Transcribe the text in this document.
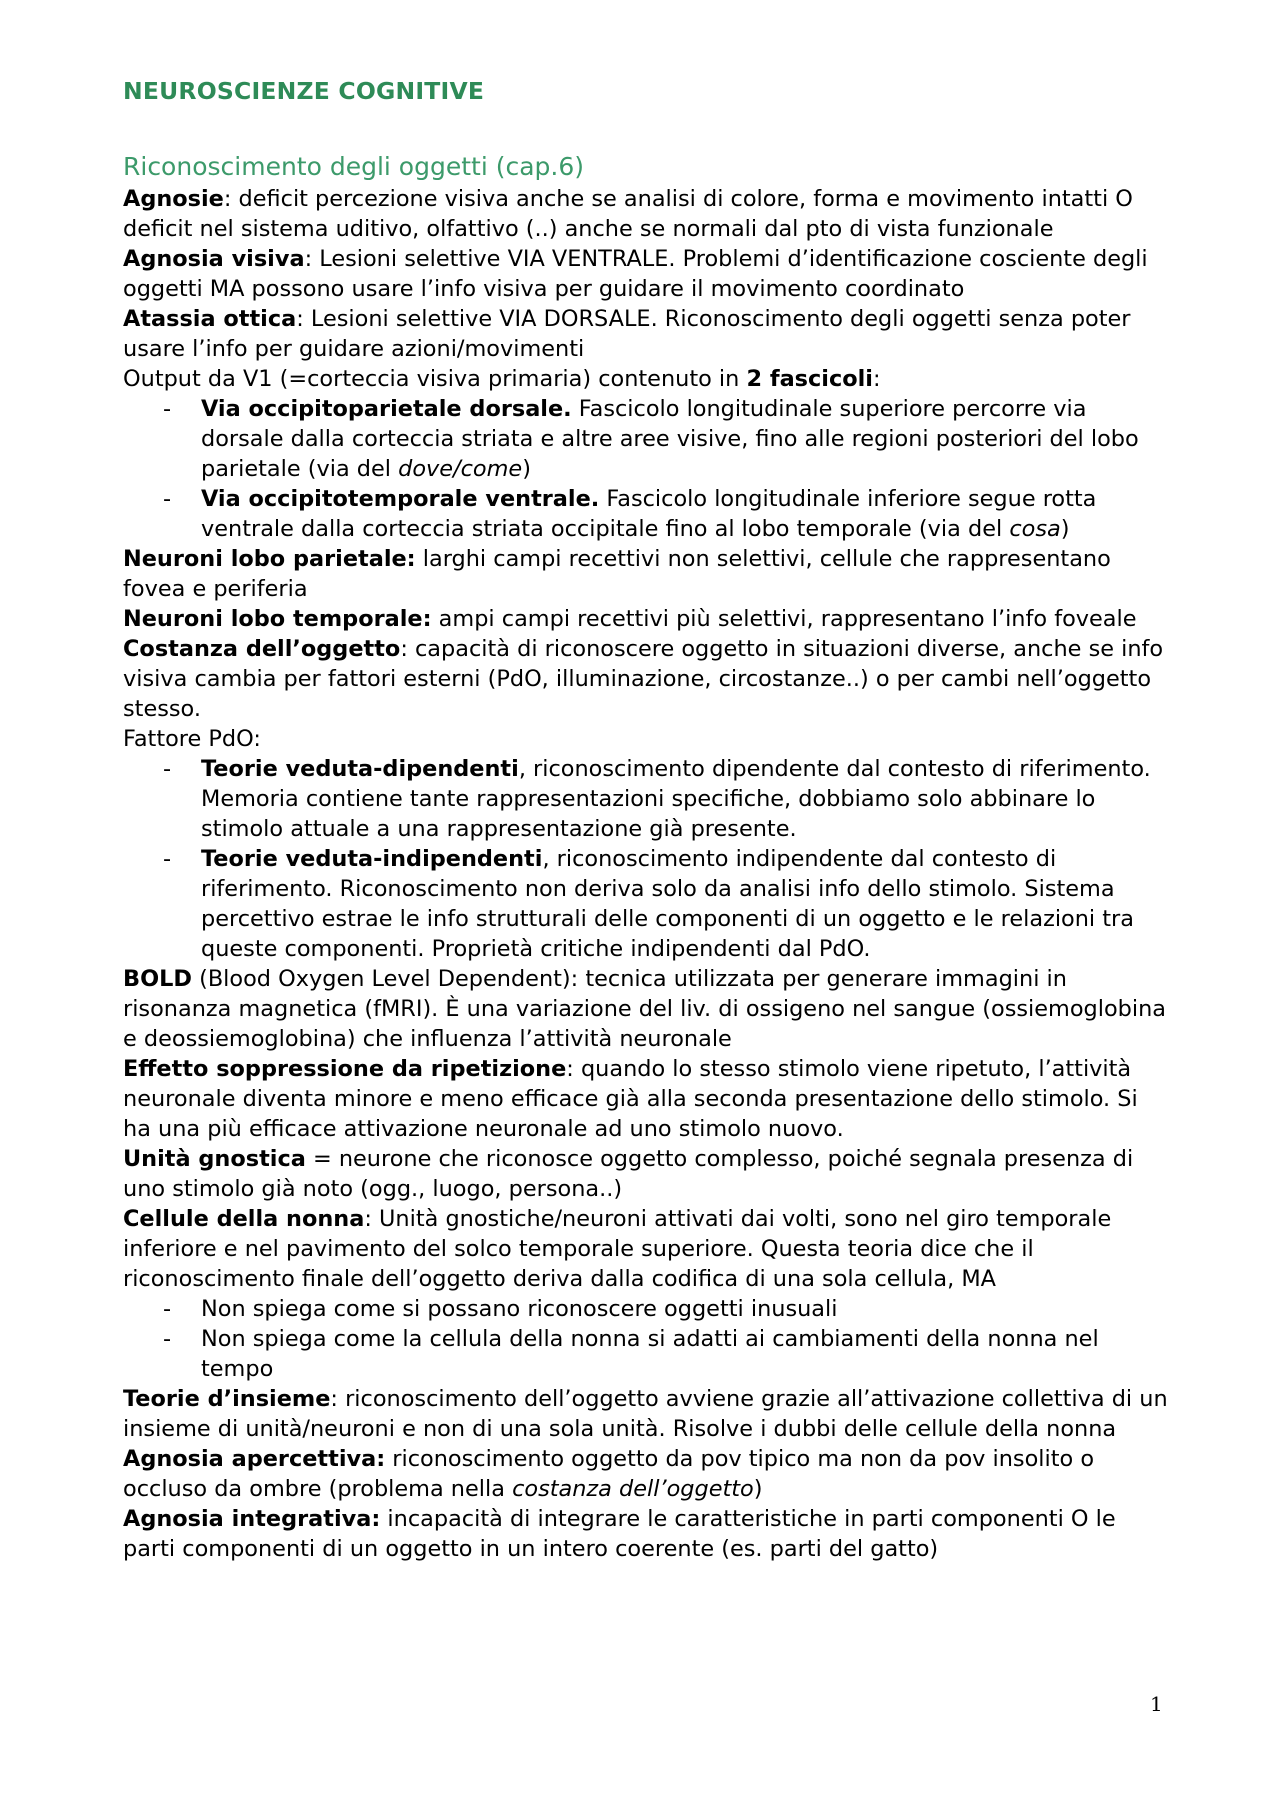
NEUROSCIENZE COGNITIVE
Riconoscimento degli oggetti (cap.6)
Agnosie: deficit percezione visiva anche se analisi di colore, forma e movimento intatti O deficit nel sistema uditivo, olfattivo (..) anche se normali dal pto di vista funzionale
Agnosia visiva: Lesioni selettive VIA VENTRALE. Problemi d’identificazione cosciente degli oggetti MA possono usare l’info visiva per guidare il movimento coordinato
Atassia ottica: Lesioni selettive VIA DORSALE. Riconoscimento degli oggetti senza poter usare l’info per guidare azioni/movimenti
Output da V1 (=corteccia visiva primaria) contenuto in 2 fascicoli:
- Via occipitoparietale dorsale. Fascicolo longitudinale superiore percorre via dorsale dalla corteccia striata e altre aree visive, fino alle regioni posteriori del lobo parietale (via del dove/come)
- Via occipitotemporale ventrale. Fascicolo longitudinale inferiore segue rotta ventrale dalla corteccia striata occipitale fino al lobo temporale (via del cosa)
Neuroni lobo parietale: larghi campi recettivi non selettivi, cellule che rappresentano fovea e periferia
Neuroni lobo temporale: ampi campi recettivi più selettivi, rappresentano l’info foveale
Costanza dell’oggetto: capacità di riconoscere oggetto in situazioni diverse, anche se info visiva cambia per fattori esterni (PdO, illuminazione, circostanze..) o per cambi nell’oggetto stesso.
Fattore PdO:
- Teorie veduta-dipendenti, riconoscimento dipendente dal contesto di riferimento. Memoria contiene tante rappresentazioni specifiche, dobbiamo solo abbinare lo stimolo attuale a una rappresentazione già presente.
- Teorie veduta-indipendenti, riconoscimento indipendente dal contesto di riferimento. Riconoscimento non deriva solo da analisi info dello stimolo. Sistema percettivo estrae le info strutturali delle componenti di un oggetto e le relazioni tra queste componenti. Proprietà critiche indipendenti dal PdO.
BOLD (Blood Oxygen Level Dependent): tecnica utilizzata per generare immagini in risonanza magnetica (fMRI). È una variazione del liv. di ossigeno nel sangue (ossiemoglobina e deossiemoglobina) che influenza l’attività neuronale
Effetto soppressione da ripetizione: quando lo stesso stimolo viene ripetuto, l’attività neuronale diventa minore e meno efficace già alla seconda presentazione dello stimolo. Si ha una più efficace attivazione neuronale ad uno stimolo nuovo.
Unità gnostica = neurone che riconosce oggetto complesso, poiché segnala presenza di uno stimolo già noto (ogg., luogo, persona..)
Cellule della nonna: Unità gnostiche/neuroni attivati dai volti, sono nel giro temporale inferiore e nel pavimento del solco temporale superiore. Questa teoria dice che il riconoscimento finale dell’oggetto deriva dalla codifica di una sola cellula, MA
- Non spiega come si possano riconoscere oggetti inusuali
- Non spiega come la cellula della nonna si adatti ai cambiamenti della nonna nel tempo
Teorie d’insieme: riconoscimento dell’oggetto avviene grazie all’attivazione collettiva di un insieme di unità/neuroni e non di una sola unità. Risolve i dubbi delle cellule della nonna
Agnosia apercettiva: riconoscimento oggetto da pov tipico ma non da pov insolito o occluso da ombre (problema nella costanza dell’oggetto)
Agnosia integrativa: incapacità di integrare le caratteristiche in parti componenti O le parti componenti di un oggetto in un intero coerente (es. parti del gatto)
1
